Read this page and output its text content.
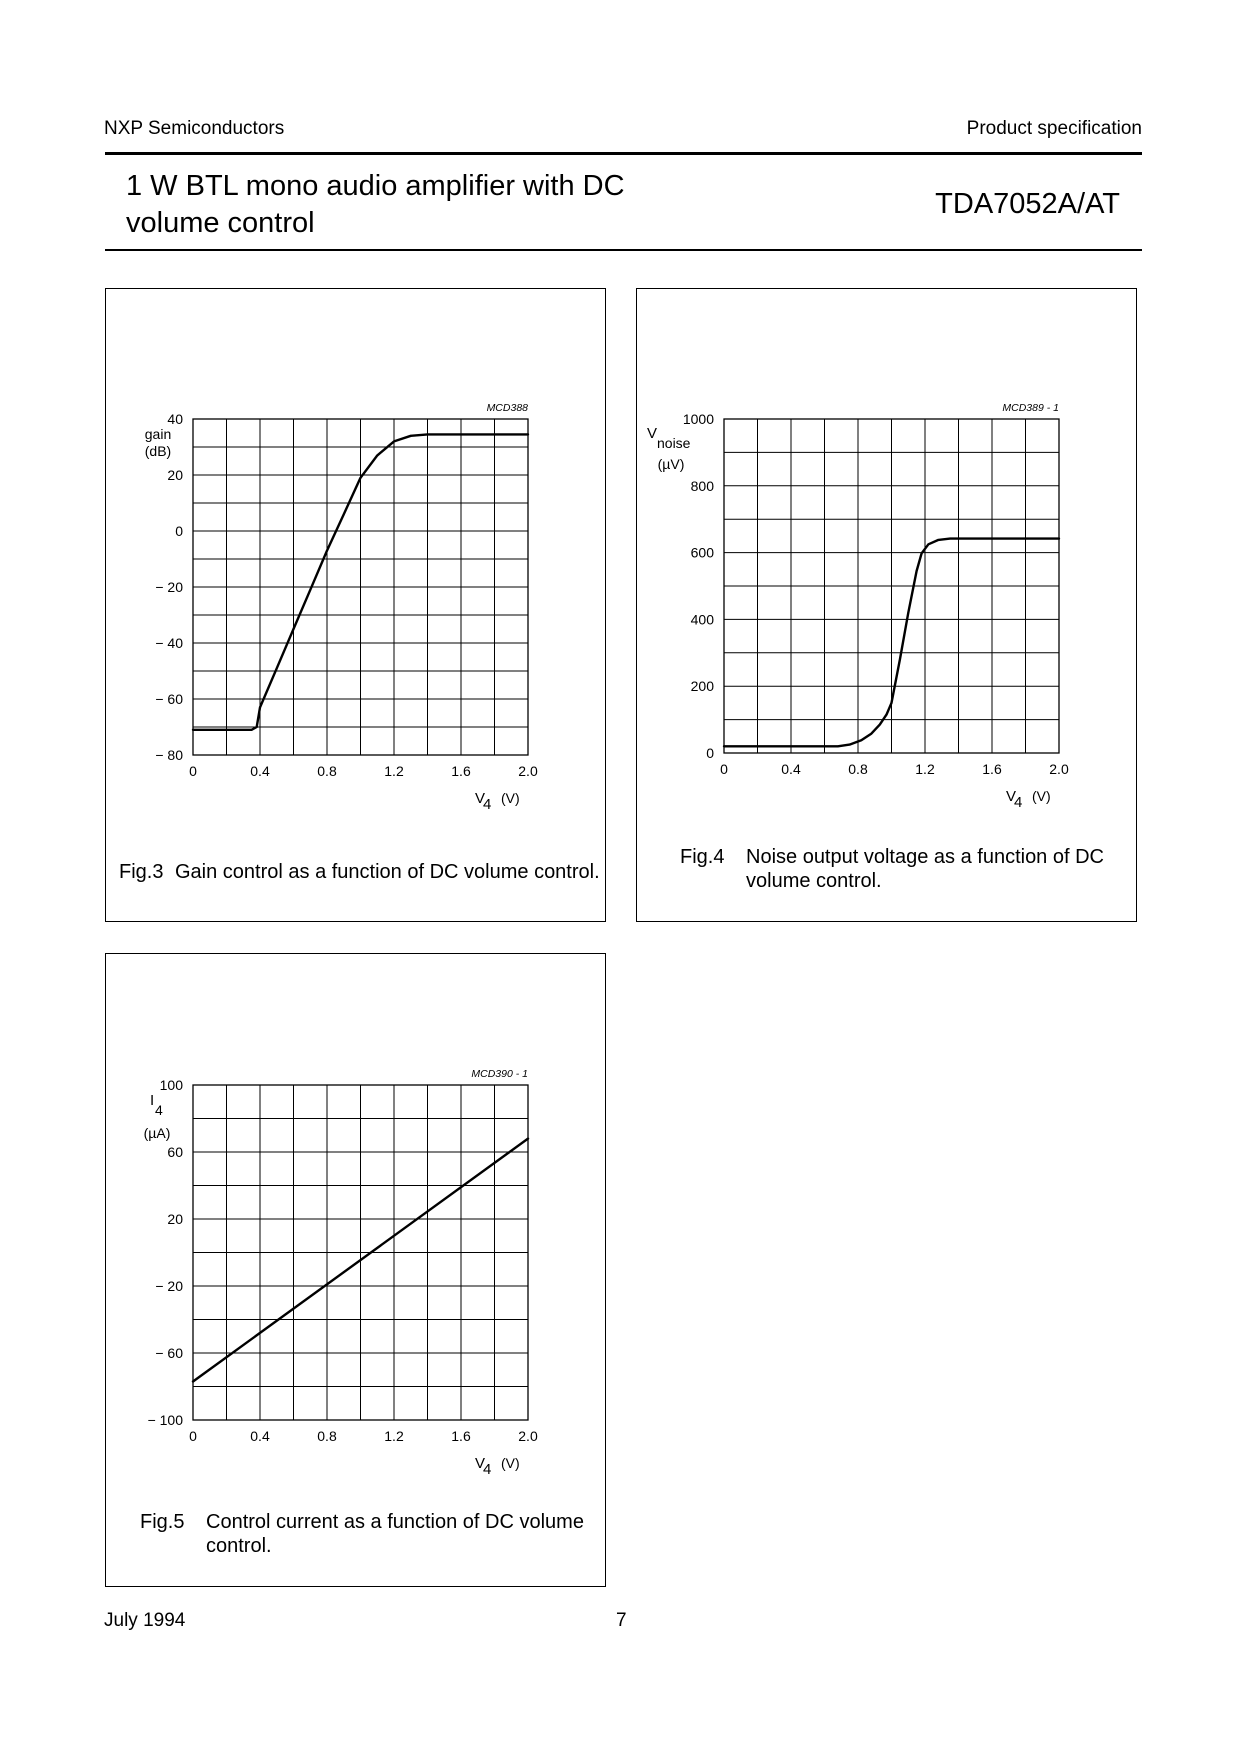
NXP Semiconductors	Product specification
1 W BTL mono audio amplifier with DC
volume control
TDA7052A/AT
− 80
− 60
− 40
− 20
0
20
40
0	0.4	0.8	1.2	1.6	2.0
MCD388
V
4 (V)
gain
(dB)
Fig.3 Gain control as a function of DC volume control.
0
200
400
600
800
1000
0	0.4	0.8	1.2	1.6	2.0
MCD389 - 1
V
4 (V)
V
noise
(µV)
Fig.4 Noise output voltage as a function of DC
volume control.
− 100
− 60
− 20
20
60
100
0	0.4	0.8	1.2	1.6	2.0
MCD390 - 1
V
4 (V)
I
4
(µA)
Fig.5 Control current as a function of DC volume
control.
July 1994	7
